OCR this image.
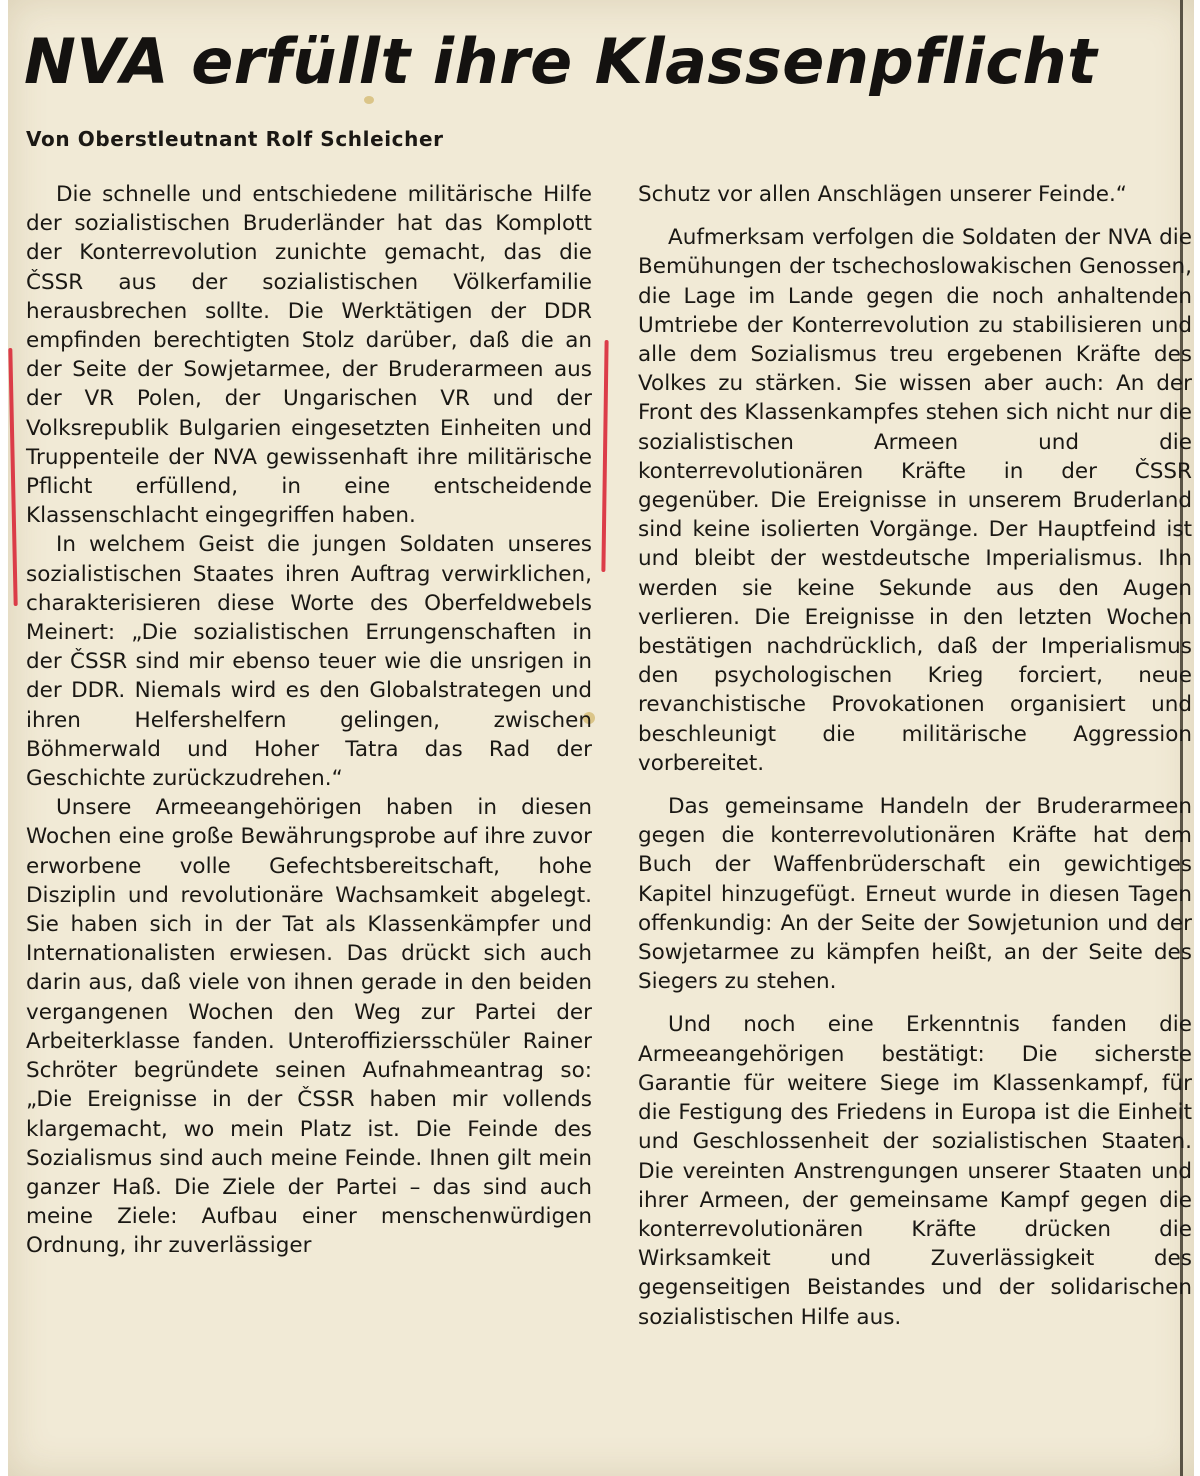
NVA erfüllt ihre Klassenpflicht
Von Oberstleutnant Rolf Schleicher

Die schnelle und entschiedene militärische Hilfe der sozialistischen Bruderländer hat das Komplott der Konterrevolution zunichte gemacht, das die ČSSR aus der sozialistischen Völkerfamilie herausbrechen sollte. Die Werktätigen der DDR empfinden berechtigten Stolz darüber, daß die an der Seite der Sowjetarmee, der Bruderarmeen aus der VR Polen, der Ungarischen VR und der Volksrepublik Bulgarien eingesetzten Einheiten und Truppenteile der NVA gewissenhaft ihre militärische Pflicht erfüllend, in eine entscheidende Klassenschlacht eingegriffen haben.

In welchem Geist die jungen Soldaten unseres sozialistischen Staates ihren Auftrag verwirklichen, charakterisieren diese Worte des Oberfeldwebels Meinert: „Die sozialistischen Errungenschaften in der ČSSR sind mir ebenso teuer wie die unsrigen in der DDR. Niemals wird es den Globalstrategen und ihren Helfershelfern gelingen, zwischen Böhmerwald und Hoher Tatra das Rad der Geschichte zurückzudrehen.“

Unsere Armeeangehörigen haben in diesen Wochen eine große Bewährungsprobe auf ihre zuvor erworbene volle Gefechtsbereitschaft, hohe Disziplin und revolutionäre Wachsamkeit abgelegt. Sie haben sich in der Tat als Klassenkämpfer und Internationalisten erwiesen. Das drückt sich auch darin aus, daß viele von ihnen gerade in den beiden vergangenen Wochen den Weg zur Partei der Arbeiterklasse fanden. Unteroffiziersschüler Rainer Schröter begründete seinen Aufnahmeantrag so: „Die Ereignisse in der ČSSR haben mir vollends klargemacht, wo mein Platz ist. Die Feinde des Sozialismus sind auch meine Feinde. Ihnen gilt mein ganzer Haß. Die Ziele der Partei – das sind auch meine Ziele: Aufbau einer menschenwürdigen Ordnung, ihr zuverlässiger

Schutz vor allen Anschlägen unserer Feinde.“

Aufmerksam verfolgen die Soldaten der NVA die Bemühungen der tschechoslowakischen Genossen, die Lage im Lande gegen die noch anhaltenden Umtriebe der Konterrevolution zu stabilisieren und alle dem Sozialismus treu ergebenen Kräfte des Volkes zu stärken. Sie wissen aber auch: An der Front des Klassenkampfes stehen sich nicht nur die sozialistischen Armeen und die konterrevolutionären Kräfte in der ČSSR gegenüber. Die Ereignisse in unserem Bruderland sind keine isolierten Vorgänge. Der Hauptfeind ist und bleibt der westdeutsche Imperialismus. Ihn werden sie keine Sekunde aus den Augen verlieren. Die Ereignisse in den letzten Wochen bestätigen nachdrücklich, daß der Imperialismus den psychologischen Krieg forciert, neue revanchistische Provokationen organisiert und beschleunigt die militärische Aggression vorbereitet.

Das gemeinsame Handeln der Bruderarmeen gegen die konterrevolutionären Kräfte hat dem Buch der Waffenbrüderschaft ein gewichtiges Kapitel hinzugefügt. Erneut wurde in diesen Tagen offenkundig: An der Seite der Sowjetunion und der Sowjetarmee zu kämpfen heißt, an der Seite des Siegers zu stehen.

Und noch eine Erkenntnis fanden die Armeeangehörigen bestätigt: Die sicherste Garantie für weitere Siege im Klassenkampf, für die Festigung des Friedens in Europa ist die Einheit und Geschlossenheit der sozialistischen Staaten. Die vereinten Anstrengungen unserer Staaten und ihrer Armeen, der gemeinsame Kampf gegen die konterrevolutionären Kräfte drücken die Wirksamkeit und Zuverlässigkeit des gegenseitigen Beistandes und der solidarischen sozialistischen Hilfe aus.
